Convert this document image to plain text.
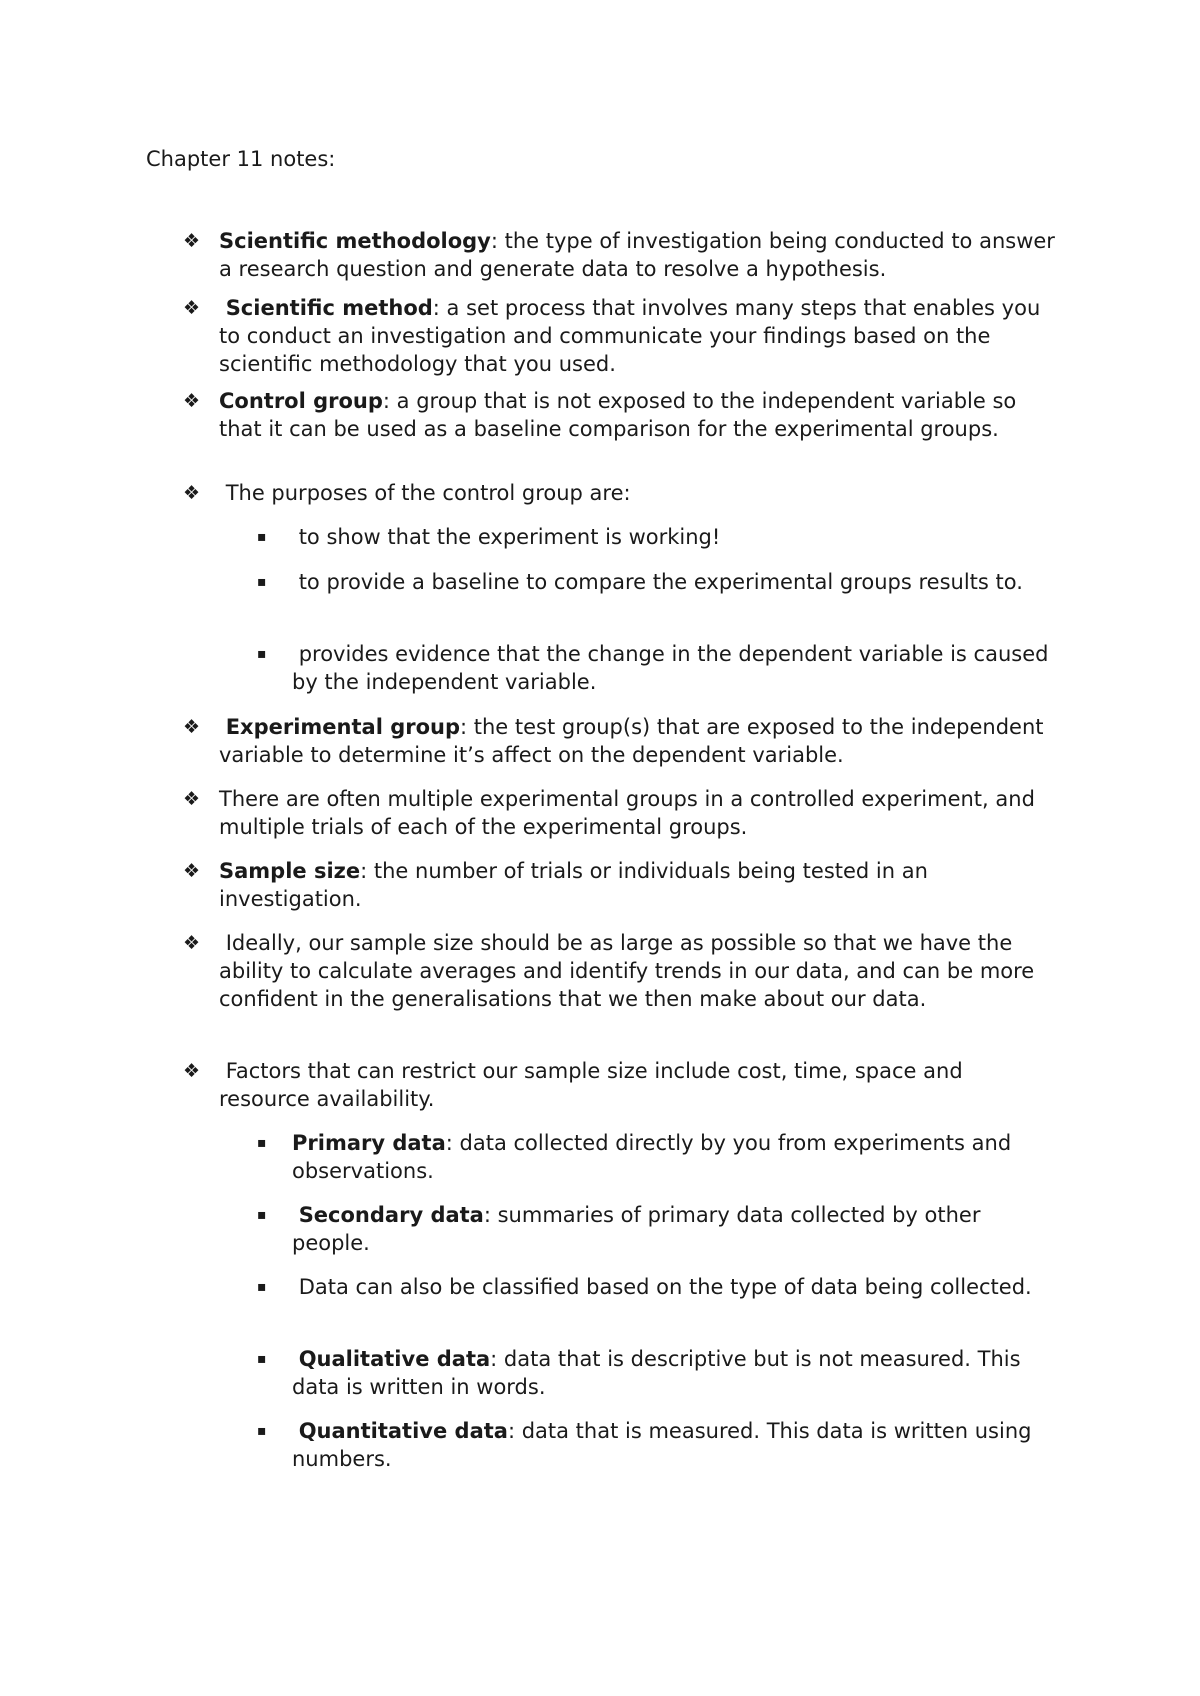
Chapter 11 notes:
❖ Scientific methodology: the type of investigation being conducted to answer a research question and generate data to resolve a hypothesis.
❖ Scientific method: a set process that involves many steps that enables you to conduct an investigation and communicate your findings based on the scientific methodology that you used.
❖ Control group: a group that is not exposed to the independent variable so that it can be used as a baseline comparison for the experimental groups.
❖ The purposes of the control group are:
▪ to show that the experiment is working!
▪ to provide a baseline to compare the experimental groups results to.
▪ provides evidence that the change in the dependent variable is caused by the independent variable.
❖ Experimental group: the test group(s) that are exposed to the independent variable to determine it’s affect on the dependent variable.
❖ There are often multiple experimental groups in a controlled experiment, and multiple trials of each of the experimental groups.
❖ Sample size: the number of trials or individuals being tested in an investigation.
❖ Ideally, our sample size should be as large as possible so that we have the ability to calculate averages and identify trends in our data, and can be more confident in the generalisations that we then make about our data.
❖ Factors that can restrict our sample size include cost, time, space and resource availability.
▪ Primary data: data collected directly by you from experiments and observations.
▪ Secondary data: summaries of primary data collected by other people.
▪ Data can also be classified based on the type of data being collected.
▪ Qualitative data: data that is descriptive but is not measured. This data is written in words.
▪ Quantitative data: data that is measured. This data is written using numbers.
